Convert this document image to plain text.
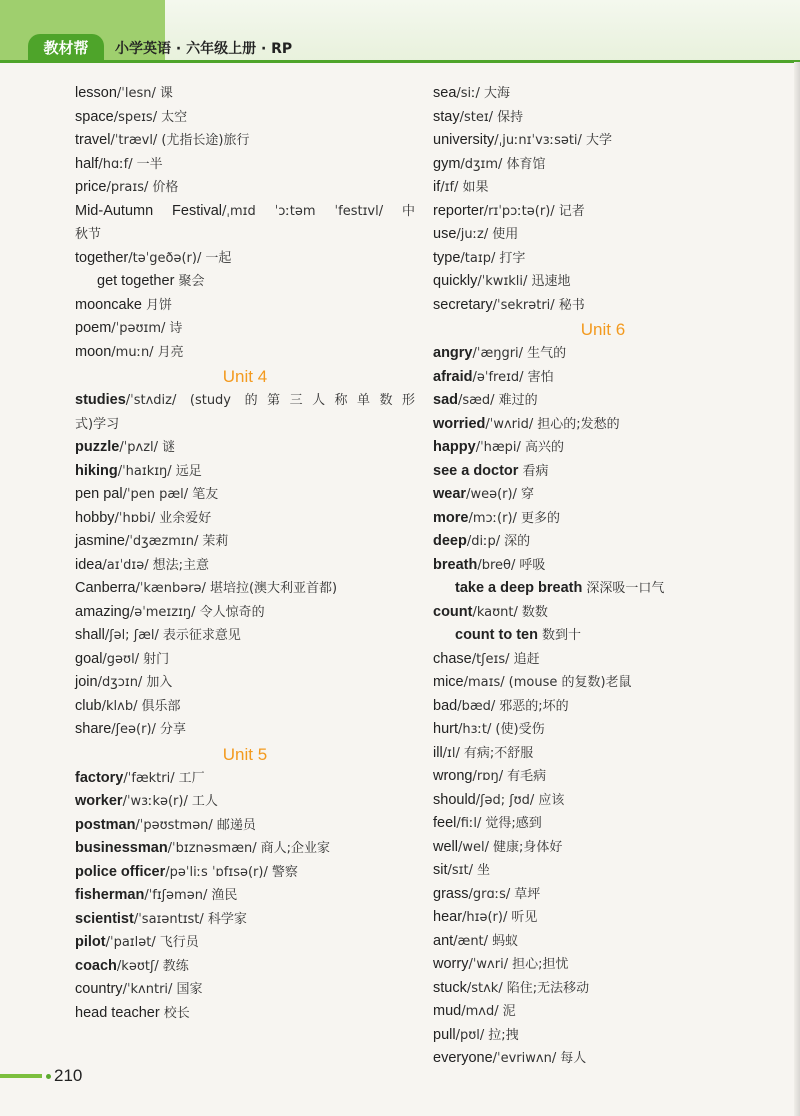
教材帮	小学英语 · 六年级上册 · RP
lesson/ˈlesn/ 课
space/speɪs/ 太空
travel/ˈtrævl/ (尤指长途)旅行
half/hɑːf/ 一半
price/praɪs/ 价格
Mid-Autumn Festival/ˌmɪd ˈɔːtəm ˈfestɪvl/ 中
秋节
together/təˈgeðə(r)/ 一起
get together 聚会
mooncake 月饼
poem/ˈpəʊɪm/ 诗
moon/muːn/ 月亮
Unit 4
studies/ˈstʌdiz/ (study 的第三人称单数形
式)学习
puzzle/ˈpʌzl/ 谜
hiking/ˈhaɪkɪŋ/ 远足
pen pal/ˈpen pæl/ 笔友
hobby/ˈhɒbi/ 业余爱好
jasmine/ˈdʒæzmɪn/ 茉莉
idea/aɪˈdɪə/ 想法;主意
Canberra/ˈkænbərə/ 堪培拉(澳大利亚首都)
amazing/əˈmeɪzɪŋ/ 令人惊奇的
shall/ʃəl; ʃæl/ 表示征求意见
goal/gəʊl/ 射门
join/dʒɔɪn/ 加入
club/klʌb/ 俱乐部
share/ʃeə(r)/ 分享
Unit 5
factory/ˈfæktri/ 工厂
worker/ˈwɜːkə(r)/ 工人
postman/ˈpəʊstmən/ 邮递员
businessman/ˈbɪznəsmæn/ 商人;企业家
police officer/pəˈliːs ˈɒfɪsə(r)/ 警察
fisherman/ˈfɪʃəmən/ 渔民
scientist/ˈsaɪəntɪst/ 科学家
pilot/ˈpaɪlət/ 飞行员
coach/kəʊtʃ/ 教练
country/ˈkʌntri/ 国家
head teacher 校长
sea/siː/ 大海
stay/steɪ/ 保持
university/ˌjuːnɪˈvɜːsəti/ 大学
gym/dʒɪm/ 体育馆
if/ɪf/ 如果
reporter/rɪˈpɔːtə(r)/ 记者
use/juːz/ 使用
type/taɪp/ 打字
quickly/ˈkwɪkli/ 迅速地
secretary/ˈsekrətri/ 秘书
Unit 6
angry/ˈæŋgri/ 生气的
afraid/əˈfreɪd/ 害怕
sad/sæd/ 难过的
worried/ˈwʌrid/ 担心的;发愁的
happy/ˈhæpi/ 高兴的
see a doctor 看病
wear/weə(r)/ 穿
more/mɔː(r)/ 更多的
deep/diːp/ 深的
breath/breθ/ 呼吸
take a deep breath 深深吸一口气
count/kaʊnt/ 数数
count to ten 数到十
chase/tʃeɪs/ 追赶
mice/maɪs/ (mouse 的复数)老鼠
bad/bæd/ 邪恶的;坏的
hurt/hɜːt/ (使)受伤
ill/ɪl/ 有病;不舒服
wrong/rɒŋ/ 有毛病
should/ʃəd; ʃʊd/ 应该
feel/fiːl/ 觉得;感到
well/wel/ 健康;身体好
sit/sɪt/ 坐
grass/grɑːs/ 草坪
hear/hɪə(r)/ 听见
ant/ænt/ 蚂蚁
worry/ˈwʌri/ 担心;担忧
stuck/stʌk/ 陷住;无法移动
mud/mʌd/ 泥
pull/pʊl/ 拉;拽
everyone/ˈevriwʌn/ 每人
210
